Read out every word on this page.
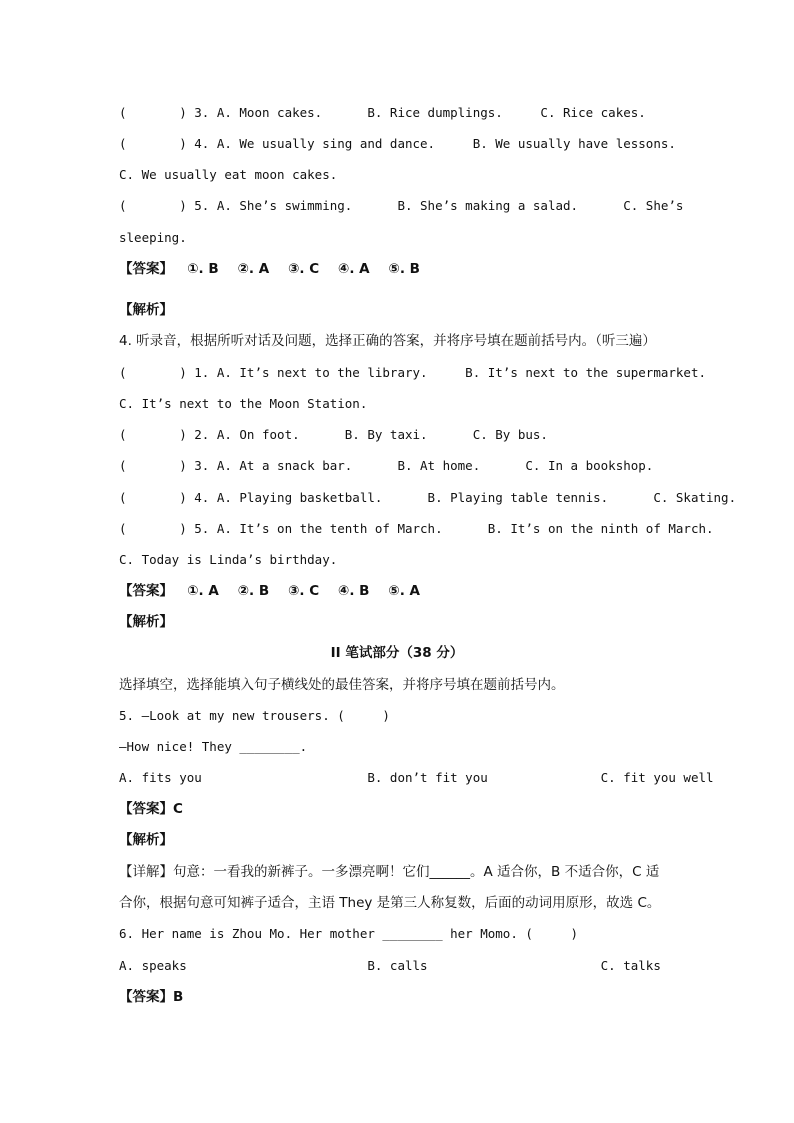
(       ) 3. A. Moon cakes.      B. Rice dumplings.     C. Rice cakes.
(       ) 4. A. We usually sing and dance.     B. We usually have lessons.
C. We usually eat moon cakes.
(       ) 5. A. She’s swimming.      B. She’s making a salad.      C. She’s
sleeping.
【答案】   ①. B    ②. A    ③. C    ④. A    ⑤. B
【解析】
4. 听录音，根据所听对话及问题，选择正确的答案，并将序号填在题前括号内。（听三遍）
(       ) 1. A. It’s next to the library.     B. It’s next to the supermarket.
C. It’s next to the Moon Station.
(       ) 2. A. On foot.      B. By taxi.      C. By bus.
(       ) 3. A. At a snack bar.      B. At home.      C. In a bookshop.
(       ) 4. A. Playing basketball.      B. Playing table tennis.      C. Skating.
(       ) 5. A. It’s on the tenth of March.      B. It’s on the ninth of March.
C. Today is Linda’s birthday.
【答案】   ①. A    ②. B    ③. C    ④. B    ⑤. A
【解析】
II 笔试部分（38 分）
选择填空，选择能填入句子横线处的最佳答案，并将序号填在题前括号内。
5. —Look at my new trousers. (     )
—How nice! They ________.
A. fits you                      B. don’t fit you               C. fit you well
【答案】C
【解析】
【详解】句意：一看我的新裤子。一多漂亮啊！它们______。A 适合你，B 不适合你，C 适
合你，根据句意可知裤子适合，主语 They 是第三人称复数，后面的动词用原形，故选 C。
6. Her name is Zhou Mo. Her mother ________ her Momo. (     )
A. speaks                        B. calls                       C. talks
【答案】B
